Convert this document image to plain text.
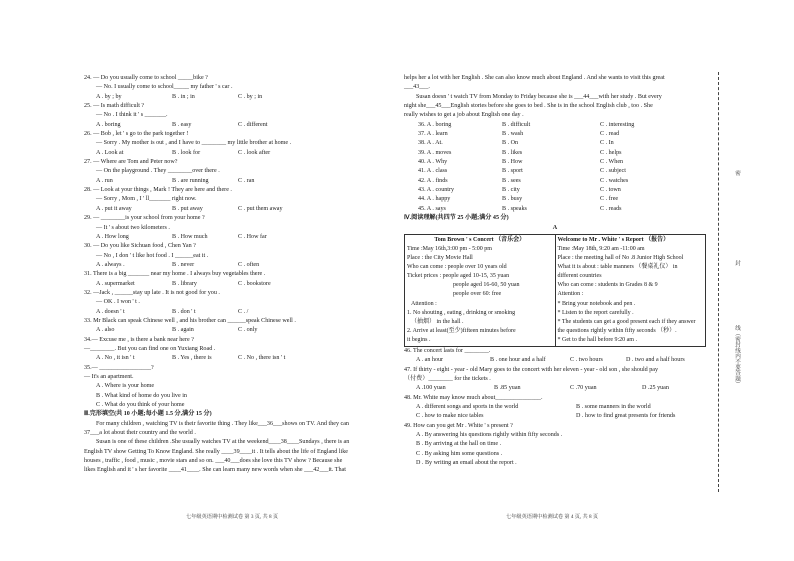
24. — Do you usually come to school _____bike ?
— No. I usually come to school_____ my father ' s car .
A . by ; by	B . in ; in	C . by ; in
25. — Is math difficult ?
— No . I think it ' s _______.
A . boring	B . easy	C . different
26. — Bob , let ' s go to the park together !
— Sorry . My mother is out , and I have to ________ my little brother at home .
A . Look at	B . look for	C . look after
27. — Where are Tom and Peter now?
— On the playground . They ________over there .
A . run	B . are running	C . ran
28. — Look at your things , Mark ! They are here and there .
— Sorry , Mom , I ' ll_______ right now.
A . put it away	B . put away	C . put them away
29. — ________is your school from your home ?
— It ' s about two kilometers .
A . How long	B . How much	C . How far
30. — Do you like Sichuan food , Chen Yan ?
— No , I don ' t like hot food . I ______eat it .
A . always .	B . never	C . often
31. There is a big _______ near my home . I always buy vegetables there .
A . supermarket	B . library	C . bookstore
32. —Jack , ______stay up late . It is not good for you .
— OK . I won ' t .
A . doesn ' t	B . don ' t	C . /
33. Mr Black can speak Chinese well , and his brother can ______speak Chinese well .
A . also	B . again	C . only
34.— Excuse me , is there a bank near here ?
—________. But you can find one on Yuxiang Road .
A . No , it isn ' t	B . Yes , there is	C . No , there isn ' t
35.— _________________?
— It's an apartment.
A . Where is your home
B . What kind of home do you live in
C . What do you think of your home
Ⅲ.完形填空(共 10 小题;每小题 1.5 分,满分 15 分)
For many children , watching TV is their favorite thing . They like___36___shows on TV. And they can
37___a lot about their country and the world .
Susan is one of these children .She usually watches TV at the weekend____38____Sundays , there is an
English TV show Getting To Know England. She really ____39____it . It tells about the life of England like
houses , traffic , food , music , movie stars and so on. ___40___does she love this TV show ? Because she
likes English and it ' s her favorite ____41____. She can learn many new words when she ___42___it. That
七年级英语期中检测试卷 第 3 页, 共 8 页
helps her a lot with her English . She can also know much about England . And she wants to visit this great
___43___.
Susan doesn ' t watch TV from Monday to Friday because she is ___44___with her study . But every
night she___45___English stories before she goes to bed . She is in the school English club , too . She
really wishes to get a job about English one day .
36. A . boring	B . difficult	C . interesting
37. A . learn	B . wash	C . read
38. A . At.	B . On	C . In
39. A . moves	B . likes	C . helps
40. A . Why	B . How	C . When
41. A . class	B . sport	C . subject
42. A . finds	B . sees	C . watches
43. A . country	B . city	C . town
44. A . happy	B . busy	C . free
45. A . says	B . speaks	C . reads
Ⅳ.阅读理解(共四节 25 小题;满分 45 分)
A
Tom Brown ' s Concert （音乐会）
Time :May 16th,3:00 pm - 5:00 pm
Place : the City Movie Hall
Who can come : people over 10 years old
Ticket prices : people aged 10-15, 35 yuan
people aged 16-60, 50 yuan
people over 60: free
Attention :
1. No shouting , eating , drinking or smoking
（抽烟） in the hall .
2. Arrive at least(至少)fifteen minutes before
it begins .

Welcome to Mr . White ' s Report （报告）
Time :May 18th, 9:20 am -11:00 am
Place : the meeting hall of No .8 Junior High School
What it is about : table manners （餐桌礼仪） in
different countries
Who can come : students in Grades 8 & 9
Attention :
* Bring your notebook and pen .
* Listen to the report carefully .
* The students can get a good present each if they answer
the questions rightly within fifty seconds （秒）.
* Get to the hall before 9:20 am .
46. The concert lasts for ________.
A . an hour	B . one hour and a half	C . two hours	D . two and a half hours
47. If thirty - eight - year - old Mary goes to the concert with her eleven - year - old son , she should pay
（付费）________ for the tickets .
A .100 yuan	B .85 yuan	C .70 yuan	D .25 yuan
48. Mr. White may know much about_______________.
A . different songs and sports in the world	B . some manners in the world
C . how to make nice tables	D . how to find great presents for friends
49. How can you get Mr . White ' s present ?
A . By answering his questions rightly within fifty seconds .
B . By arriving at the hall on time .
C . By asking him some questions .
D . By writing an email about the report .
七年级英语期中检测试卷 第 4 页, 共 8 页
密
封
线（密封线内不要答题）
